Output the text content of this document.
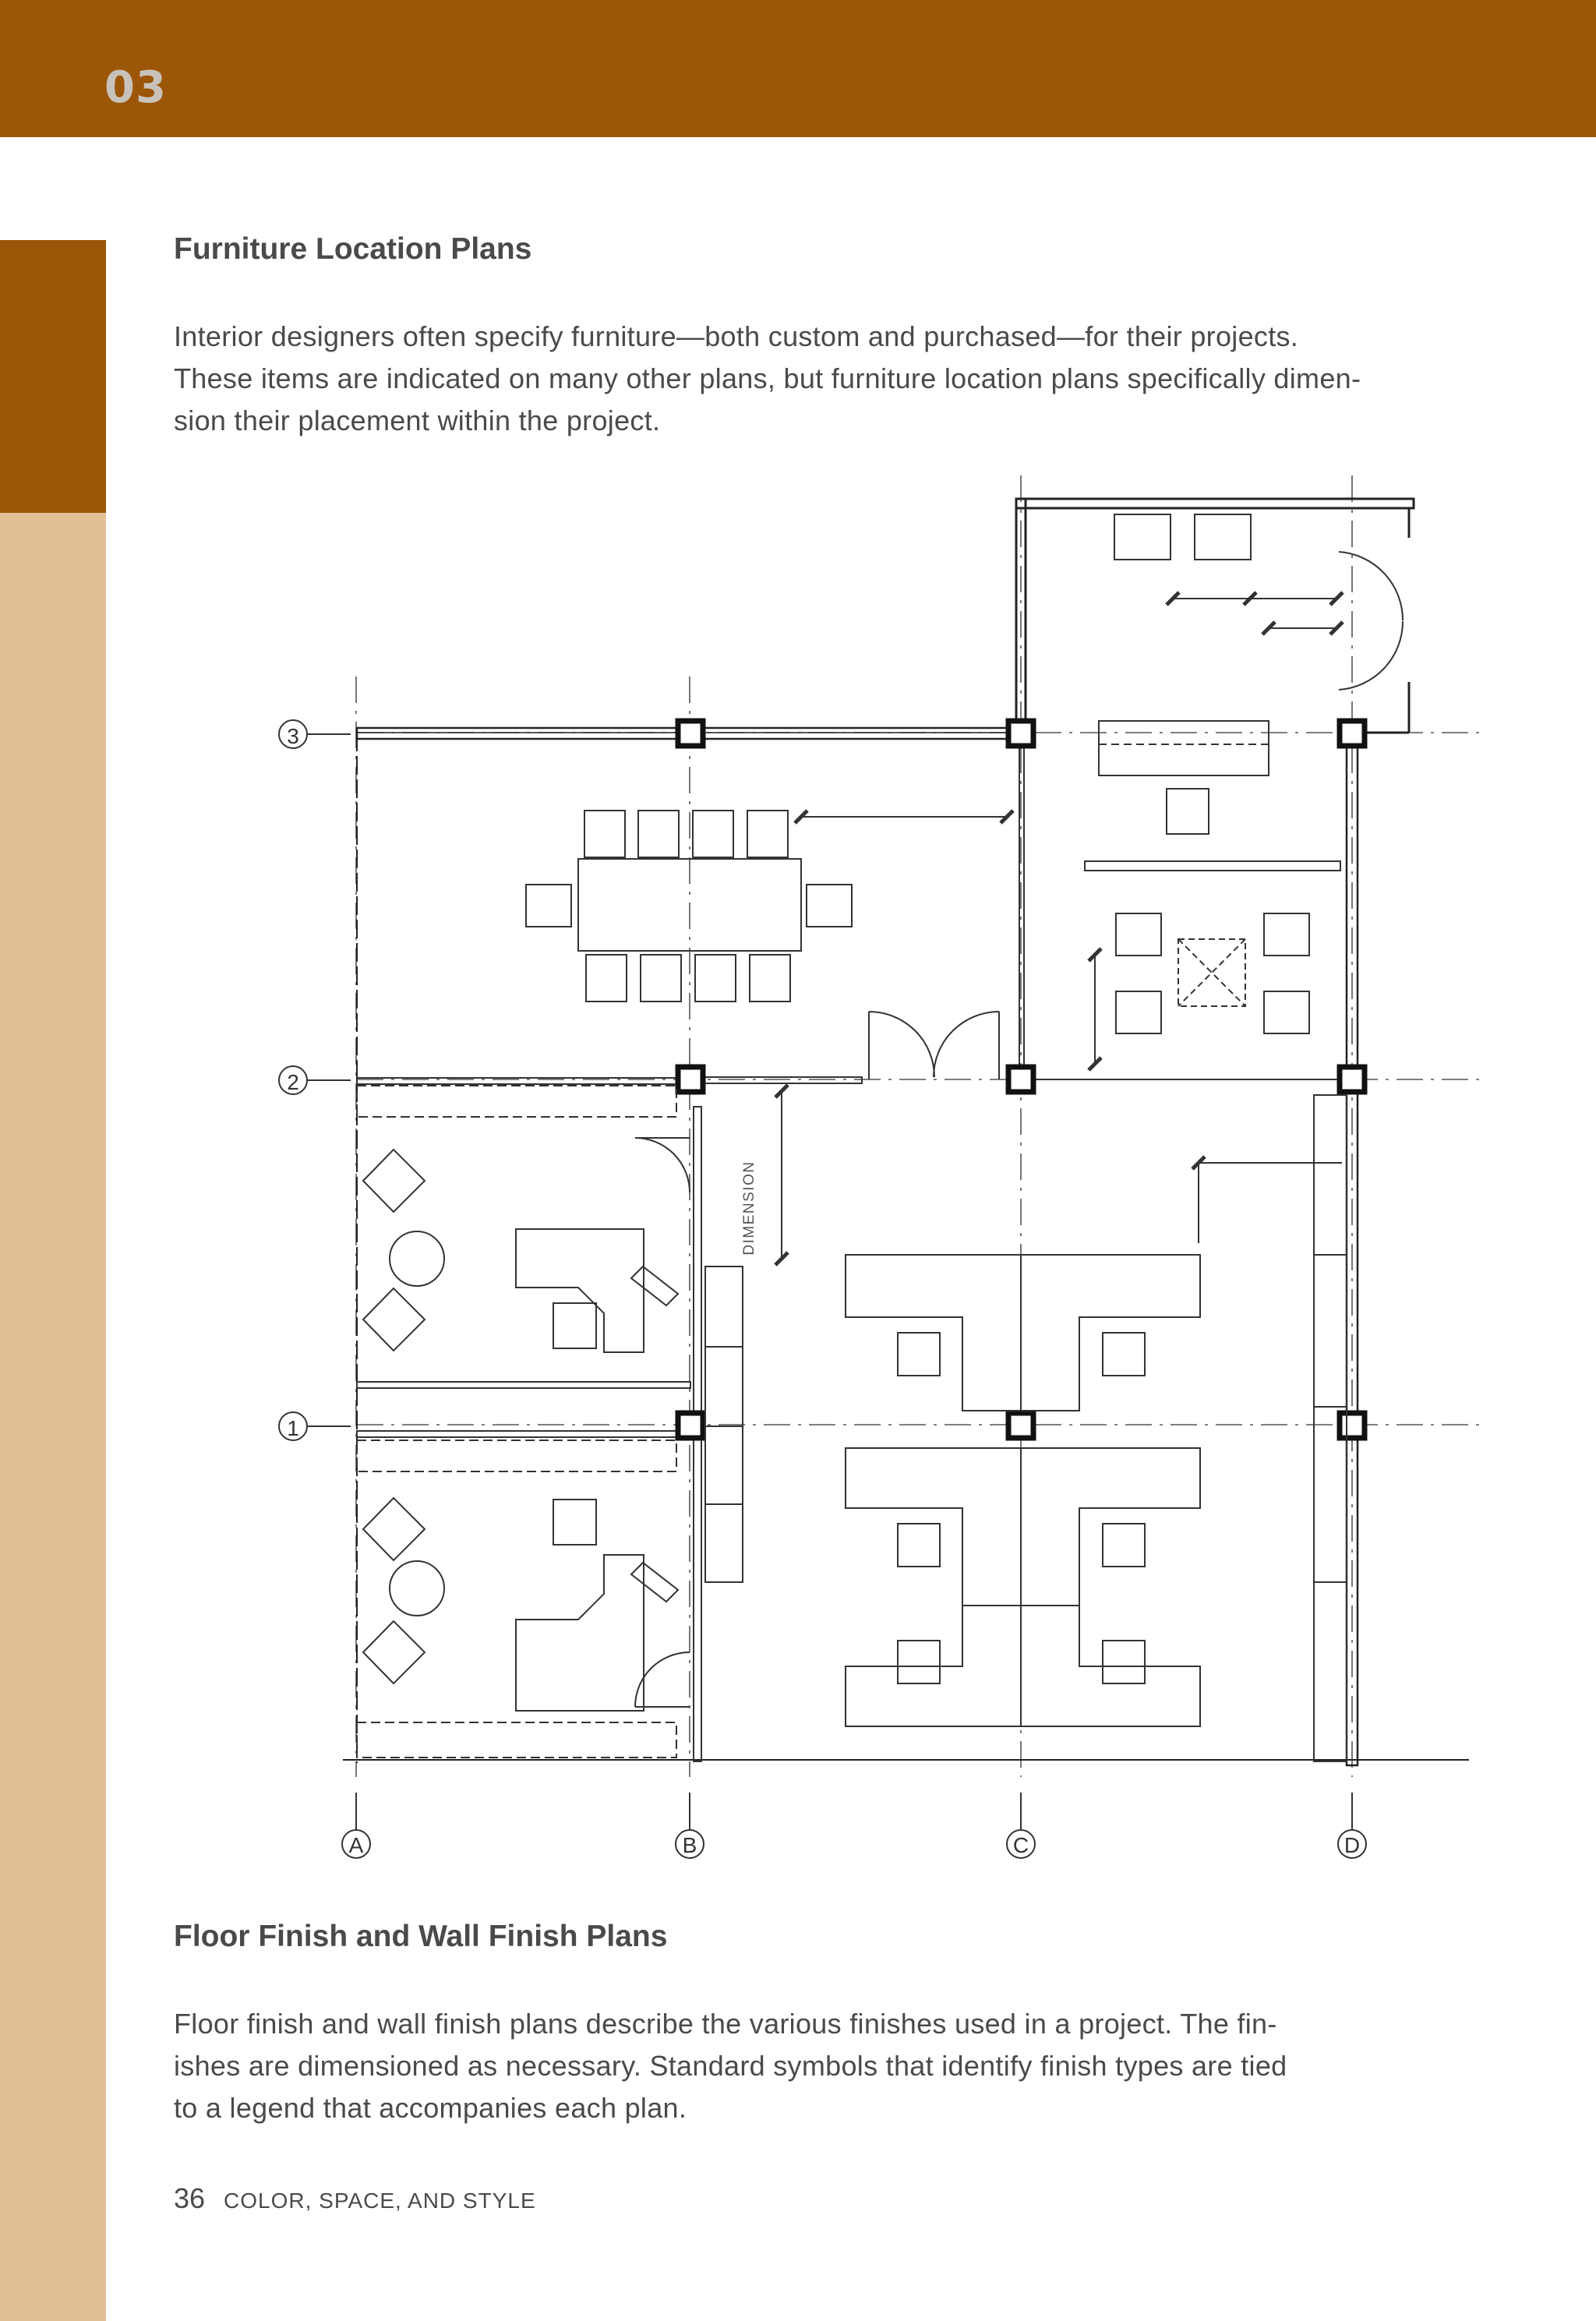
03
Furniture Location Plans
Interior designers often specify furniture—both custom and purchased—for their projects.
These items are indicated on many other plans, but furniture location plans specifically dimen-
sion their placement within the project.
3
2
1
A	B	C	D
DIMENSION
Floor Finish and Wall Finish Plans
Floor finish and wall finish plans describe the various finishes used in a project. The fin-
ishes are dimensioned as necessary. Standard symbols that identify finish types are tied
to a legend that accompanies each plan.
36 COLOR, SPACE, AND STYLE
